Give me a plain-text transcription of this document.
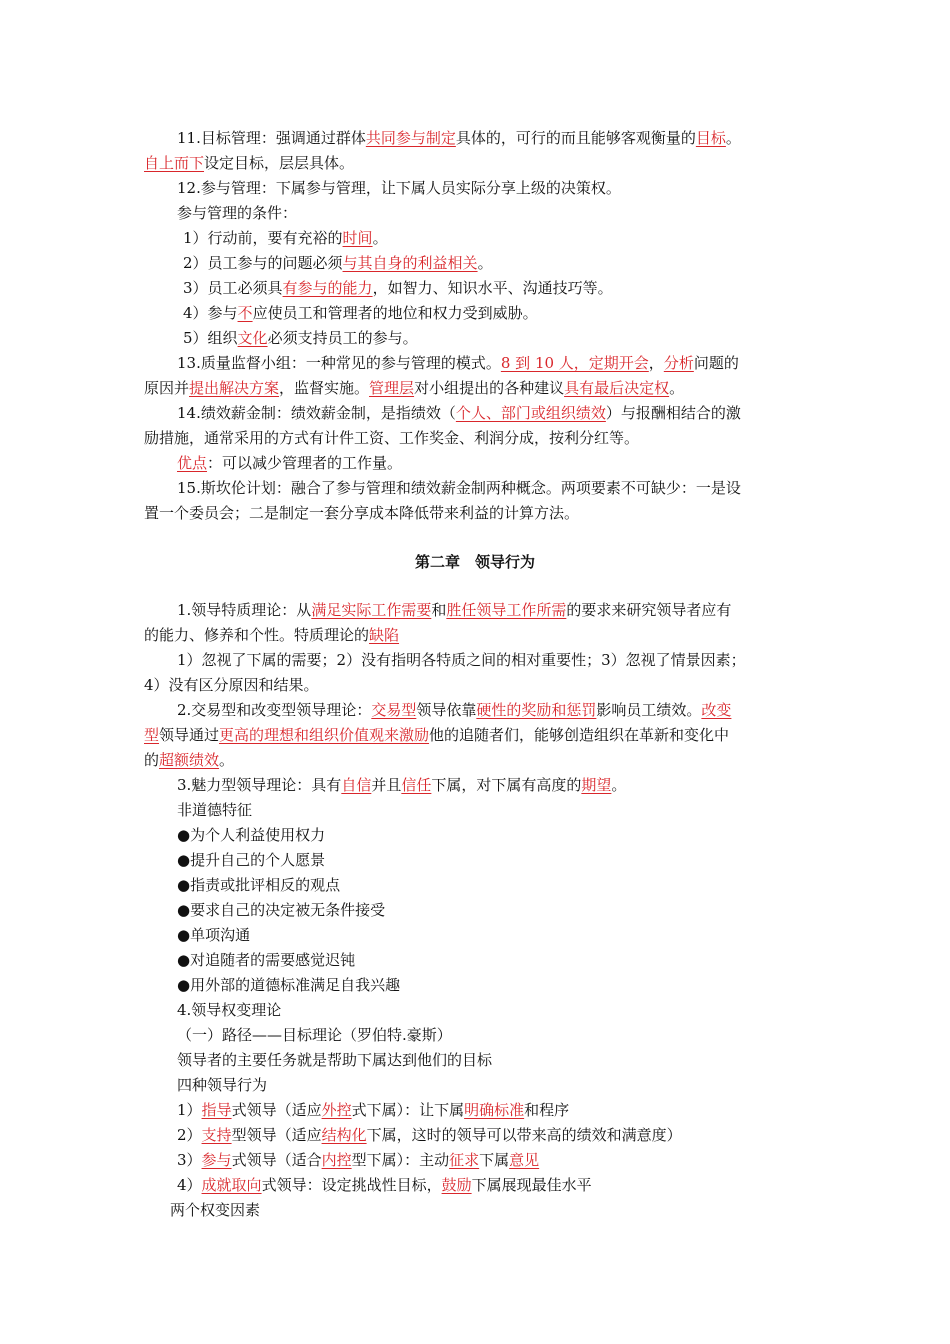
第二章　领导行为
11.目标管理：强调通过群体共同参与制定具体的，可行的而且能够客观衡量的目标。
自上而下设定目标，层层具体。
12.参与管理：下属参与管理，让下属人员实际分享上级的决策权。
参与管理的条件：
1）行动前，要有充裕的时间。
2）员工参与的问题必须与其自身的利益相关。
3）员工必须具有参与的能力，如智力、知识水平、沟通技巧等。
4）参与不应使员工和管理者的地位和权力受到威胁。
5）组织文化必须支持员工的参与。
13.质量监督小组：一种常见的参与管理的模式。8 到 10 人，定期开会，分析问题的
原因并提出解决方案，监督实施。管理层对小组提出的各种建议具有最后决定权。
14.绩效薪金制：绩效薪金制，是指绩效（个人、部门或组织绩效）与报酬相结合的激
励措施，通常采用的方式有计件工资、工作奖金、利润分成，按利分红等。
优点：可以减少管理者的工作量。
15.斯坎伦计划：融合了参与管理和绩效薪金制两种概念。两项要素不可缺少：一是设
置一个委员会；二是制定一套分享成本降低带来利益的计算方法。
1.领导特质理论：从满足实际工作需要和胜任领导工作所需的要求来研究领导者应有
的能力、修养和个性。特质理论的缺陷
1）忽视了下属的需要；2）没有指明各特质之间的相对重要性；3）忽视了情景因素；
4）没有区分原因和结果。
2.交易型和改变型领导理论：交易型领导依靠硬性的奖励和惩罚影响员工绩效。改变
型领导通过更高的理想和组织价值观来激励他的追随者们，能够创造组织在革新和变化中
的超额绩效。
3.魅力型领导理论：具有自信并且信任下属，对下属有高度的期望。
非道德特征
●为个人利益使用权力
●提升自己的个人愿景
●指责或批评相反的观点
●要求自己的决定被无条件接受
●单项沟通
●对追随者的需要感觉迟钝
●用外部的道德标准满足自我兴趣
4.领导权变理论
（一）路径——目标理论（罗伯特.豪斯）
领导者的主要任务就是帮助下属达到他们的目标
四种领导行为
1）指导式领导（适应外控式下属）：让下属明确标准和程序
2）支持型领导（适应结构化下属，这时的领导可以带来高的绩效和满意度）
3）参与式领导（适合内控型下属）：主动征求下属意见
4）成就取向式领导：设定挑战性目标，鼓励下属展现最佳水平
两个权变因素
